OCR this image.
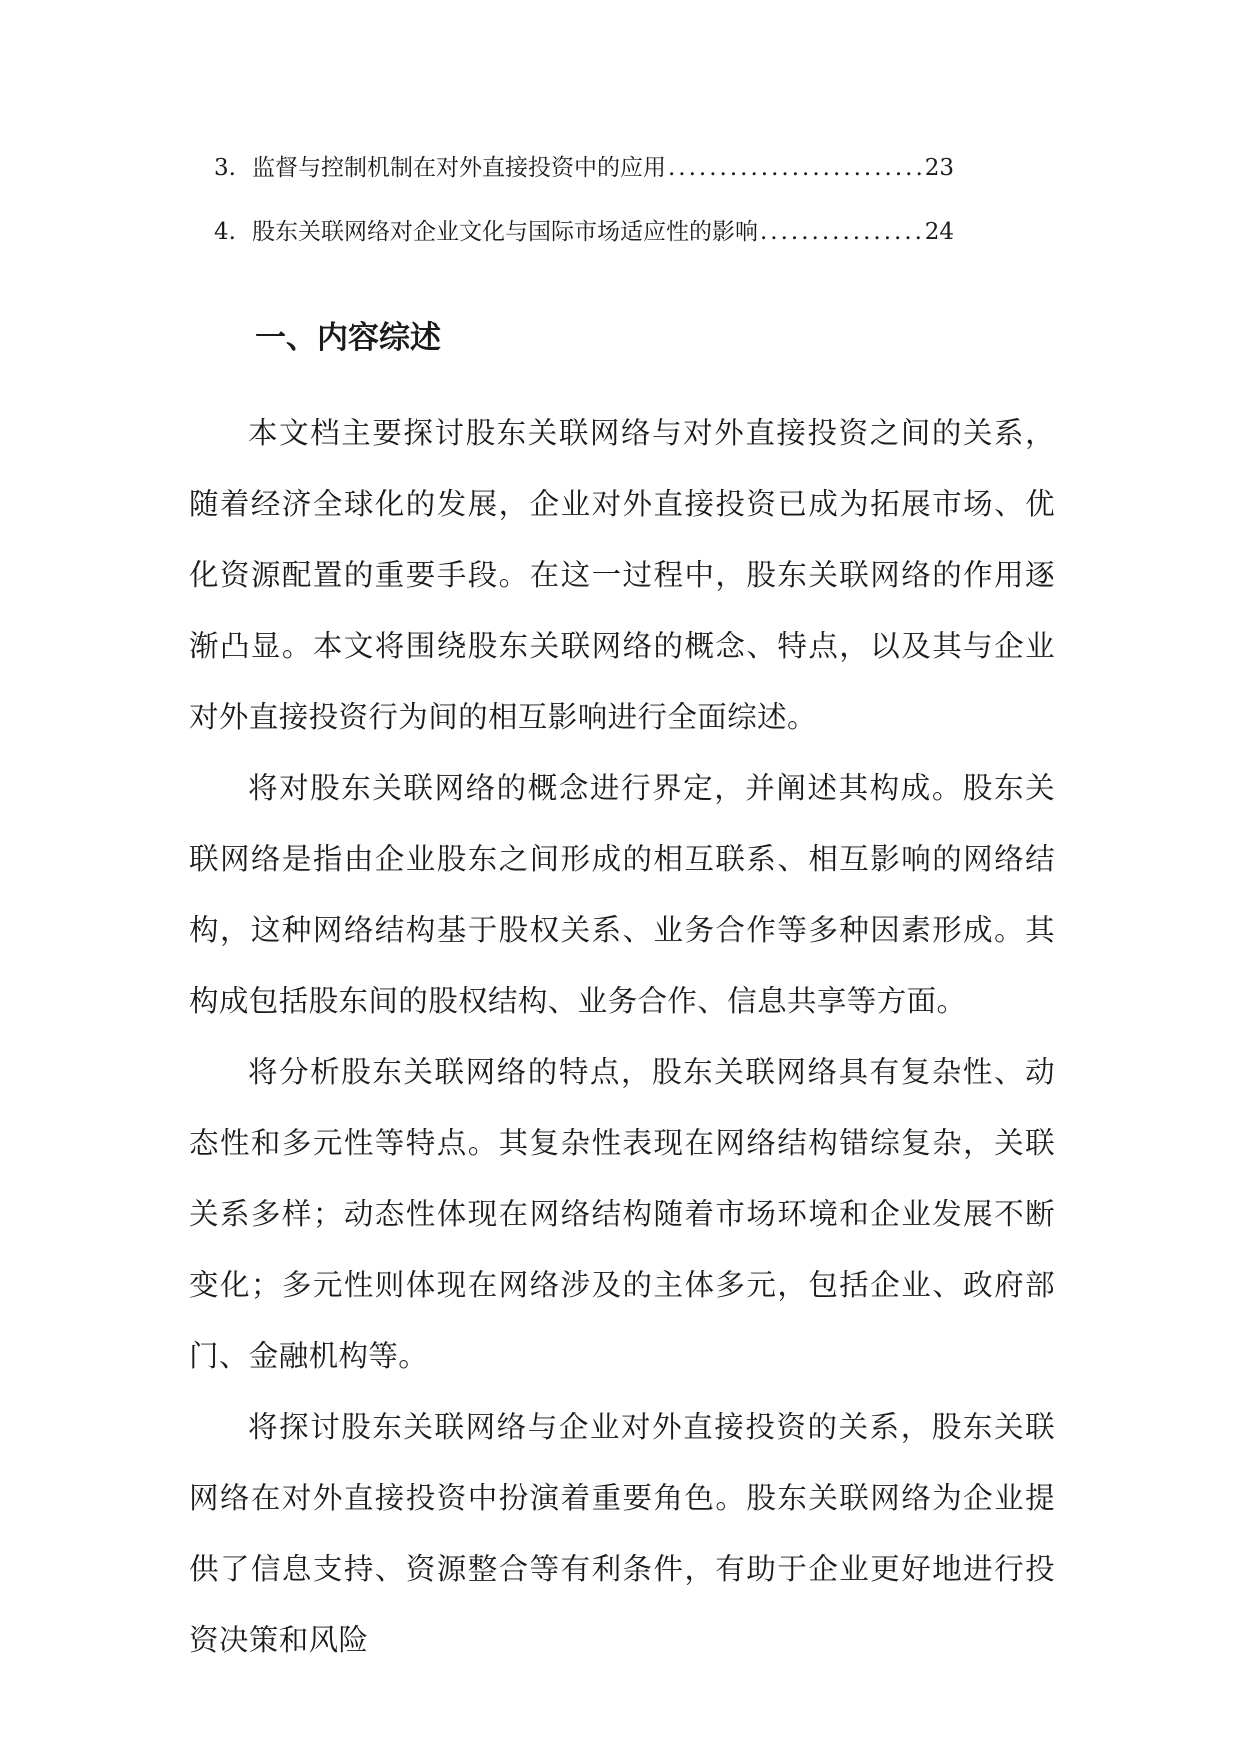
3. 监督与控制机制在对外直接投资中的应用 .....	23
4. 股东关联网络对企业文化与国际市场适应性的影响 .....	24
一、内容综述

本文档主要探讨股东关联网络与对外直接投资之间的关系，随着经济全球化的发展，企业对外直接投资已成为拓展市场、优化资源配置的重要手段。在这一过程中，股东关联网络的作用逐渐凸显。本文将围绕股东关联网络的概念、特点，以及其与企业对外直接投资行为间的相互影响进行全面综述。

将对股东关联网络的概念进行界定，并阐述其构成。股东关联网络是指由企业股东之间形成的相互联系、相互影响的网络结构，这种网络结构基于股权关系、业务合作等多种因素形成。其构成包括股东间的股权结构、业务合作、信息共享等方面。

将分析股东关联网络的特点，股东关联网络具有复杂性、动态性和多元性等特点。其复杂性表现在网络结构错综复杂，关联关系多样；动态性体现在网络结构随着市场环境和企业发展不断变化；多元性则体现在网络涉及的主体多元，包括企业、政府部门、金融机构等。

将探讨股东关联网络与企业对外直接投资的关系，股东关联网络在对外直接投资中扮演着重要角色。股东关联网络为企业提供了信息支持、资源整合等有利条件，有助于企业更好地进行投资决策和风险
